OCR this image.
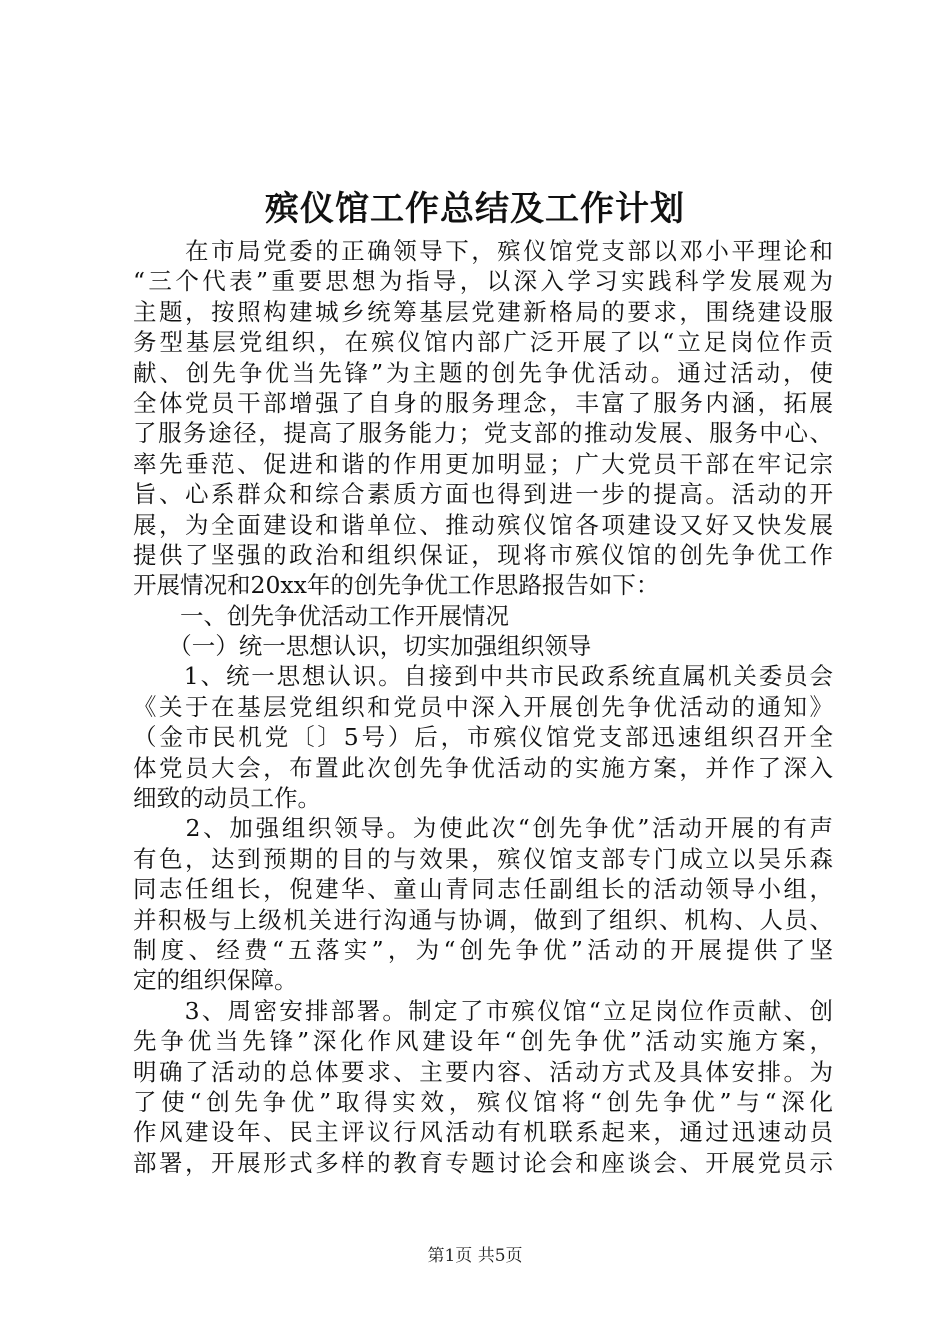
殡仪馆工作总结及工作计划
　　在市局党委的正确领导下，殡仪馆党支部以邓小平理论和
“三个代表”重要思想为指导，以深入学习实践科学发展观为
主题，按照构建城乡统筹基层党建新格局的要求，围绕建设服
务型基层党组织，在殡仪馆内部广泛开展了以“立足岗位作贡
献、创先争优当先锋”为主题的创先争优活动。通过活动，使
全体党员干部增强了自身的服务理念，丰富了服务内涵，拓展
了服务途径，提高了服务能力；党支部的推动发展、服务中心、
率先垂范、促进和谐的作用更加明显；广大党员干部在牢记宗
旨、心系群众和综合素质方面也得到进一步的提高。活动的开
展，为全面建设和谐单位、推动殡仪馆各项建设又好又快发展
提供了坚强的政治和组织保证，现将市殡仪馆的创先争优工作
开展情况和20xx年的创先争优工作思路报告如下：
　　一、创先争优活动工作开展情况
　　（一）统一思想认识，切实加强组织领导
　　1、统一思想认识。自接到中共市民政系统直属机关委员会
《关于在基层党组织和党员中深入开展创先争优活动的通知》
（金市民机党〔〕5号）后，市殡仪馆党支部迅速组织召开全
体党员大会，布置此次创先争优活动的实施方案，并作了深入
细致的动员工作。
　　2、加强组织领导。为使此次“创先争优”活动开展的有声
有色，达到预期的目的与效果，殡仪馆支部专门成立以吴乐森
同志任组长，倪建华、童山青同志任副组长的活动领导小组，
并积极与上级机关进行沟通与协调，做到了组织、机构、人员、
制度、经费“五落实”，为“创先争优”活动的开展提供了坚
定的组织保障。
　　3、周密安排部署。制定了市殡仪馆“立足岗位作贡献、创
先争优当先锋”深化作风建设年“创先争优”活动实施方案，
明确了活动的总体要求、主要内容、活动方式及具体安排。为
了使“创先争优”取得实效，殡仪馆将“创先争优”与“深化
作风建设年、民主评议行风活动有机联系起来，通过迅速动员
部署，开展形式多样的教育专题讨论会和座谈会、开展党员示
第1页 共5页
